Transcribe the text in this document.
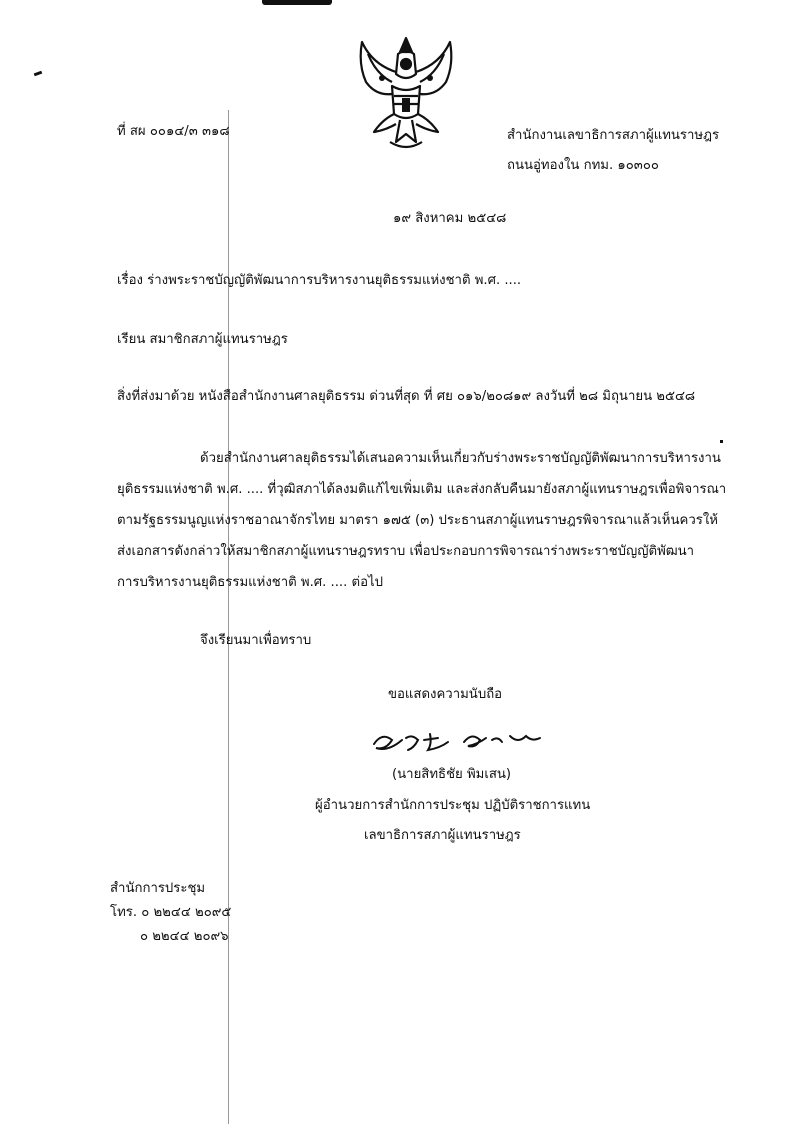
ที่ สผ ๐๐๑๔/๓ ๓๑๘	สำนักงานเลขาธิการสภาผู้แทนราษฎร
ถนนอู่ทองใน กทม. ๑๐๓๐๐
๑๙ สิงหาคม ๒๕๔๘
เรื่อง ร่างพระราชบัญญัติพัฒนาการบริหารงานยุติธรรมแห่งชาติ พ.ศ. ....
เรียน สมาชิกสภาผู้แทนราษฎร
สิ่งที่ส่งมาด้วย หนังสือสำนักงานศาลยุติธรรม ด่วนที่สุด ที่ ศย ๐๑๖/๒๐๘๑๙ ลงวันที่ ๒๘ มิถุนายน ๒๕๔๘
ด้วยสำนักงานศาลยุติธรรมได้เสนอความเห็นเกี่ยวกับร่างพระราชบัญญัติพัฒนาการบริหารงาน
ยุติธรรมแห่งชาติ พ.ศ. .... ที่วุฒิสภาได้ลงมติแก้ไขเพิ่มเติม และส่งกลับคืนมายังสภาผู้แทนราษฎรเพื่อพิจารณา
ตามรัฐธรรมนูญแห่งราชอาณาจักรไทย มาตรา ๑๗๕ (๓) ประธานสภาผู้แทนราษฎรพิจารณาแล้วเห็นควรให้
ส่งเอกสารดังกล่าวให้สมาชิกสภาผู้แทนราษฎรทราบ เพื่อประกอบการพิจารณาร่างพระราชบัญญัติพัฒนา
การบริหารงานยุติธรรมแห่งชาติ พ.ศ. .... ต่อไป
จึงเรียนมาเพื่อทราบ
ขอแสดงความนับถือ
(นายสิทธิชัย พิมเสน)
ผู้อำนวยการสำนักการประชุม ปฏิบัติราชการแทน
เลขาธิการสภาผู้แทนราษฎร
สำนักการประชุม
โทร. ๐ ๒๒๔๔ ๒๐๙๕
๐ ๒๒๔๔ ๒๐๙๖
